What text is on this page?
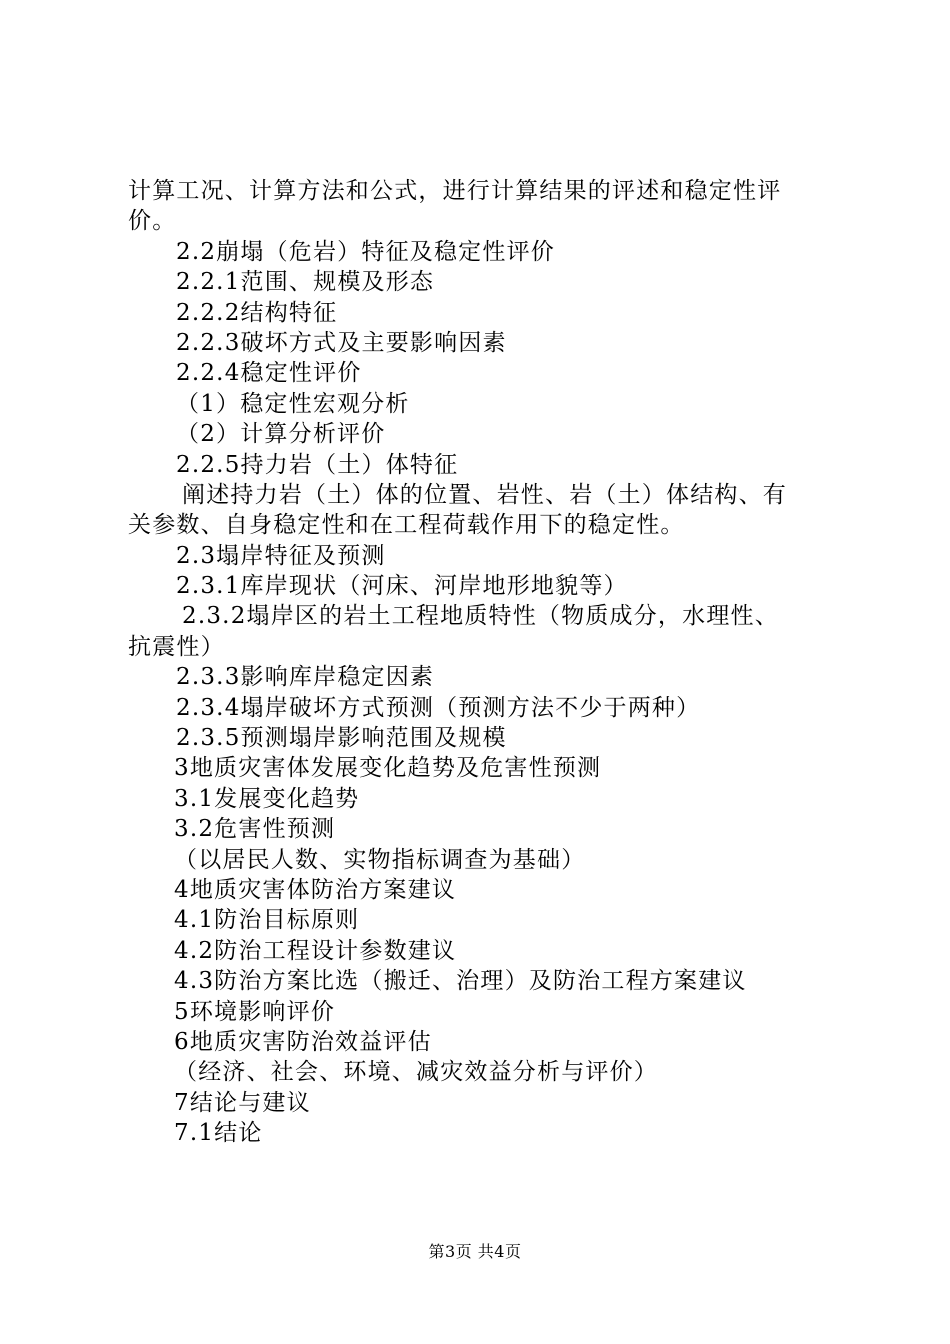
计算工况、计算方法和公式，进行计算结果的评述和稳定性评
价。
2.2崩塌（危岩）特征及稳定性评价
2.2.1范围、规模及形态
2.2.2结构特征
2.2.3破坏方式及主要影响因素
2.2.4稳定性评价
（1）稳定性宏观分析
（2）计算分析评价
2.2.5持力岩（土）体特征
阐述持力岩（土）体的位置、岩性、岩（土）体结构、有
关参数、自身稳定性和在工程荷载作用下的稳定性。
2.3塌岸特征及预测
2.3.1库岸现状（河床、河岸地形地貌等）
2.3.2塌岸区的岩土工程地质特性（物质成分，水理性、
抗震性）
2.3.3影响库岸稳定因素
2.3.4塌岸破坏方式预测（预测方法不少于两种）
2.3.5预测塌岸影响范围及规模
3地质灾害体发展变化趋势及危害性预测
3.1发展变化趋势
3.2危害性预测
（以居民人数、实物指标调查为基础）
4地质灾害体防治方案建议
4.1防治目标原则
4.2防治工程设计参数建议
4.3防治方案比选（搬迁、治理）及防治工程方案建议
5环境影响评价
6地质灾害防治效益评估
（经济、社会、环境、减灾效益分析与评价）
7结论与建议
7.1结论
第3页 共4页
